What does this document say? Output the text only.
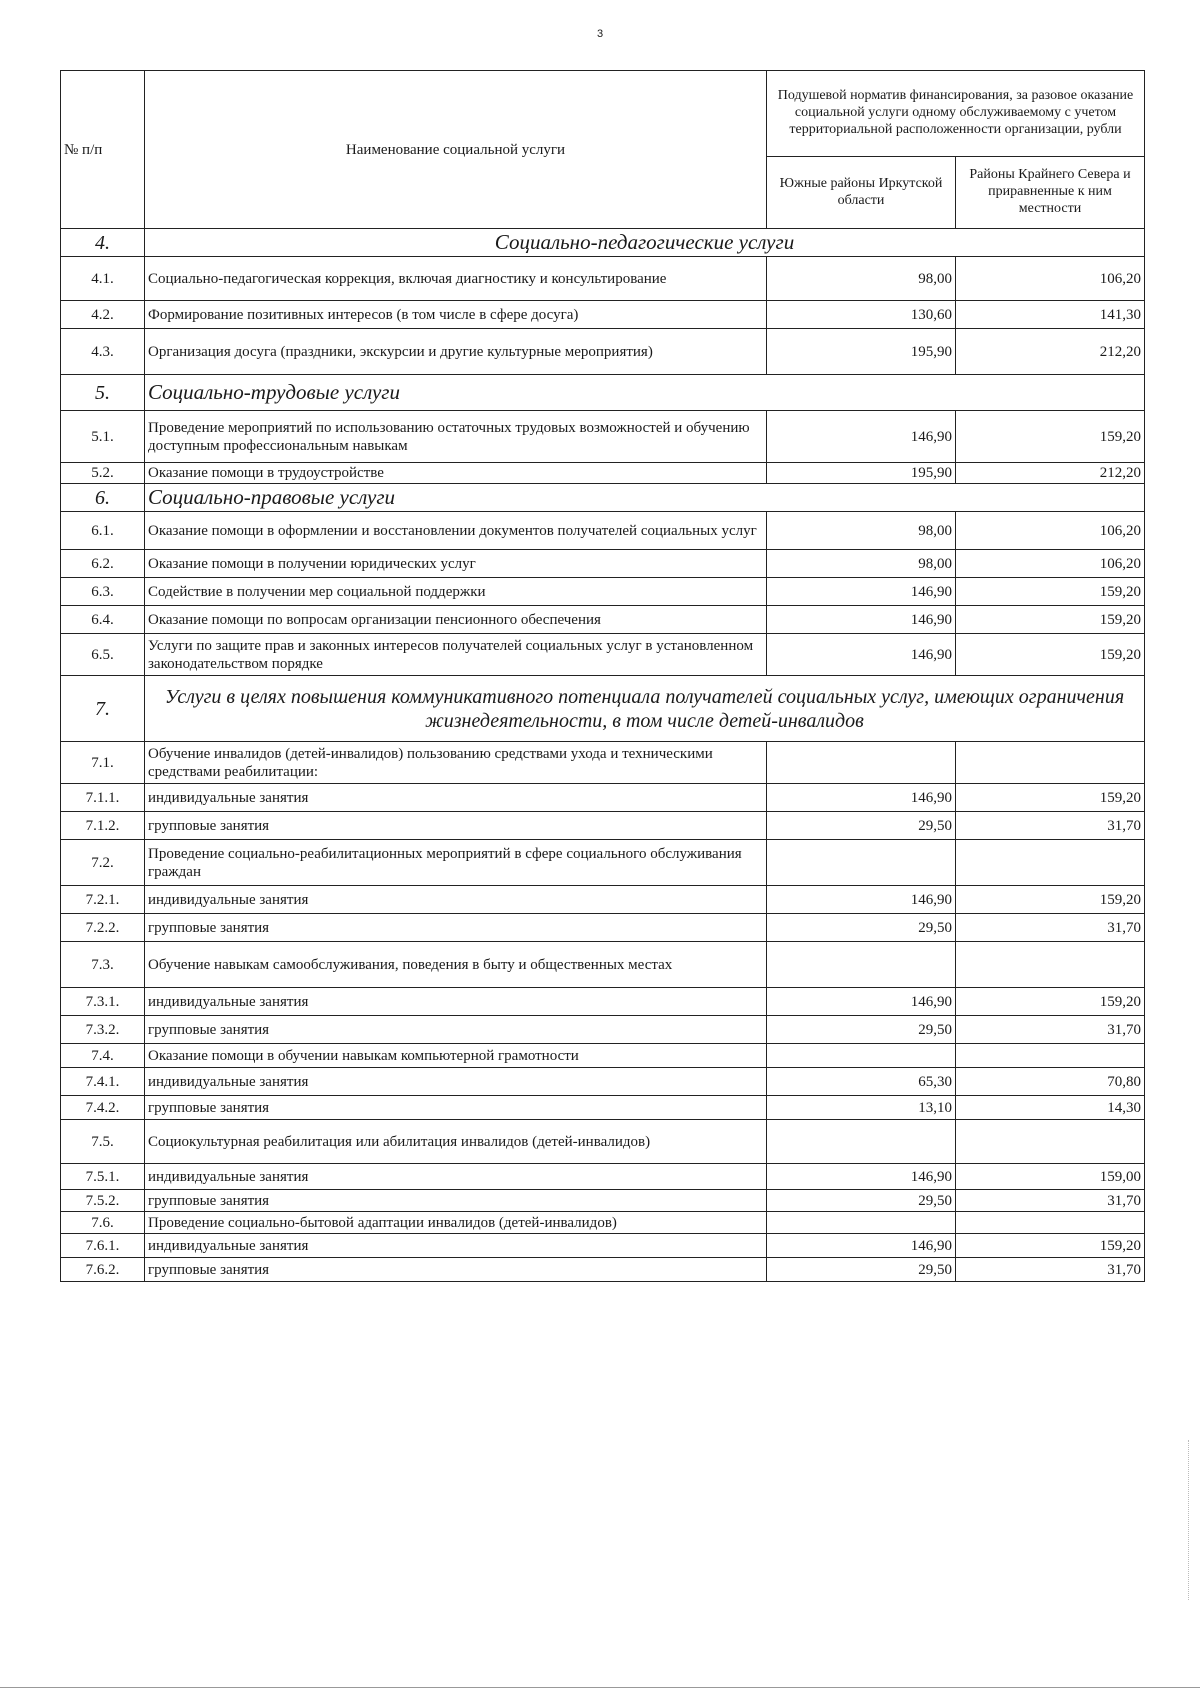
3
№ п/п	Наименование социальной услуги	Подушевой норматив финансирования, за разовое оказание социальной услуги одному обслуживаемому с учетом территориальной расположенности организации, рубли	
		Южные районы Иркутской области	Районы Крайнего Севера и приравненные к ним местности
4.	Социально-педагогические услуги		
4.1.	Социально-педагогическая коррекция, включая диагностику и консультирование	98,00	106,20
4.2.	Формирование позитивных интересов (в том числе в сфере досуга)	130,60	141,30
4.3.	Организация досуга (праздники, экскурсии и другие культурные мероприятия)	195,90	212,20
5.	Социально-трудовые услуги		
5.1.	Проведение мероприятий по использованию остаточных трудовых возможностей и обучению доступным профессиональным навыкам	146,90	159,20
5.2.	Оказание помощи в трудоустройстве	195,90	212,20
6.	Социально-правовые услуги		
6.1.	Оказание помощи в оформлении и восстановлении документов получателей социальных услуг	98,00	106,20
6.2.	Оказание помощи в получении юридических услуг	98,00	106,20
6.3.	Содействие в получении мер социальной поддержки	146,90	159,20
6.4.	Оказание помощи по вопросам организации пенсионного обеспечения	146,90	159,20
6.5.	Услуги по защите прав и законных интересов получателей социальных услуг в установленном законодательством порядке	146,90	159,20
7.	Услуги в целях повышения коммуникативного потенциала получателей социальных услуг, имеющих ограничения жизнедеятельности, в том числе детей-инвалидов		
7.1.	Обучение инвалидов (детей-инвалидов) пользованию средствами ухода и техническими средствами реабилитации:		
7.1.1.	индивидуальные занятия	146,90	159,20
7.1.2.	групповые занятия	29,50	31,70
7.2.	Проведение социально-реабилитационных мероприятий в сфере социального обслуживания граждан		
7.2.1.	индивидуальные занятия	146,90	159,20
7.2.2.	групповые занятия	29,50	31,70
7.3.	Обучение навыкам самообслуживания, поведения в быту и общественных местах		
7.3.1.	индивидуальные занятия	146,90	159,20
7.3.2.	групповые занятия	29,50	31,70
7.4.	Оказание помощи в обучении навыкам компьютерной грамотности		
7.4.1.	индивидуальные занятия	65,30	70,80
7.4.2.	групповые занятия	13,10	14,30
7.5.	Социокультурная реабилитация или абилитация инвалидов (детей-инвалидов)		
7.5.1.	индивидуальные занятия	146,90	159,00
7.5.2.	групповые занятия	29,50	31,70
7.6.	Проведение социально-бытовой адаптации инвалидов (детей-инвалидов)		
7.6.1.	индивидуальные занятия	146,90	159,20
7.6.2.	групповые занятия	29,50	31,70
